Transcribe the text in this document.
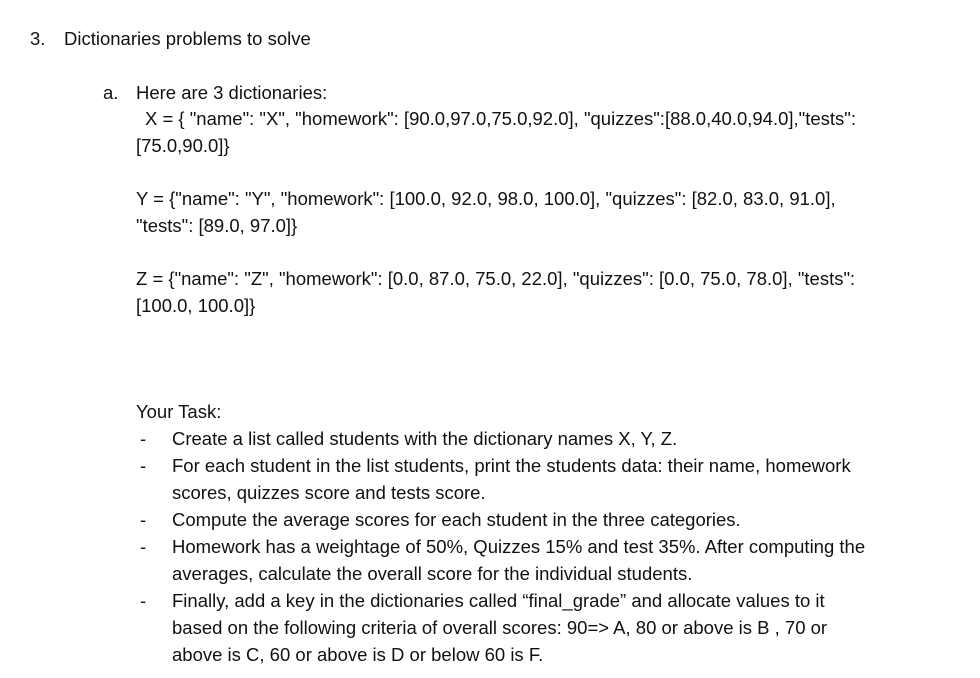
3. Dictionaries problems to solve
a. Here are 3 dictionaries:
X = { "name": "X", "homework": [90.0,97.0,75.0,92.0], "quizzes":[88.0,40.0,94.0],"tests":
[75.0,90.0]}
Y = {"name": "Y", "homework": [100.0, 92.0, 98.0, 100.0], "quizzes": [82.0, 83.0, 91.0],
"tests": [89.0, 97.0]}
Z = {"name": "Z", "homework": [0.0, 87.0, 75.0, 22.0], "quizzes": [0.0, 75.0, 78.0], "tests":
[100.0, 100.0]}
Your Task:
- Create a list called students with the dictionary names X, Y, Z.
- For each student in the list students, print the students data: their name, homework
scores, quizzes score and tests score.
- Compute the average scores for each student in the three categories.
- Homework has a weightage of 50%, Quizzes 15% and test 35%. After computing the
averages, calculate the overall score for the individual students.
- Finally, add a key in the dictionaries called “final_grade” and allocate values to it
based on the following criteria of overall scores: 90=> A, 80 or above is B , 70 or
above is C, 60 or above is D or below 60 is F.
